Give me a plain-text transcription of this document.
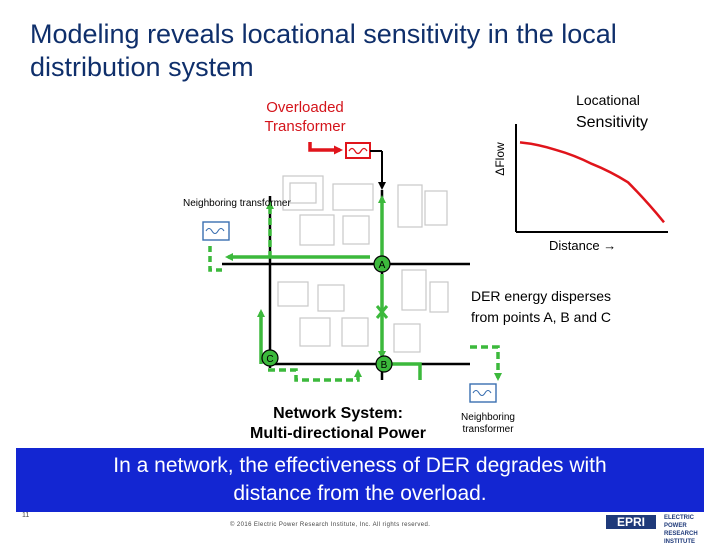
Modeling reveals locational sensitivity in the local distribution system
A
B
C
EPRI
Overloaded Transformer
Neighboring transformer
Neighboring transformer
Network System:
Multi-directional Power
DER energy disperses
from points A, B and C
Locational
Sensitivity
ΔFlow
Distance →
In a network, the effectiveness of DER degrades with
distance from the overload.
11
© 2016 Electric Power Research Institute, Inc. All rights reserved.
ELECTRIC POWER RESEARCH INSTITUTE
